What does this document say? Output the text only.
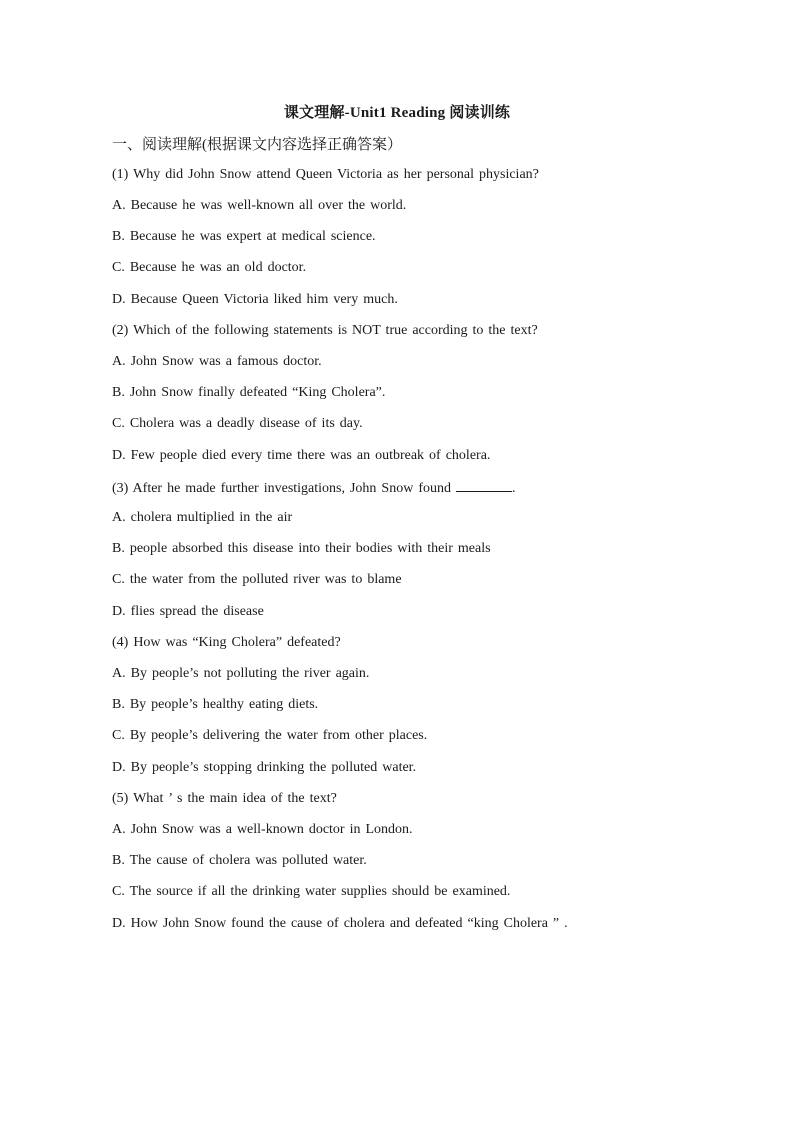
课文理解-Unit1 Reading 阅读训练
一、阅读理解(根据课文内容选择正确答案）
(1) Why did John Snow attend Queen Victoria as her personal physician?
A. Because he was well-known all over the world.
B. Because he was expert at medical science.
C. Because he was an old doctor.
D. Because Queen Victoria liked him very much.
(2) Which of the following statements is NOT true according to the text?
A. John Snow was a famous doctor.
B. John Snow finally defeated “King Cholera”.
C. Cholera was a deadly disease of its day.
D. Few people died every time there was an outbreak of cholera.
(3) After he made further investigations, John Snow found	.
A. cholera multiplied in the air
B. people absorbed this disease into their bodies with their meals
C. the water from the polluted river was to blame
D. flies spread the disease
(4) How was “King Cholera” defeated?
A. By people’s not polluting the river again.
B. By people’s healthy eating diets.
C. By people’s delivering the water from other places.
D. By people’s stopping drinking the polluted water.
(5) What ’ s the main idea of the text?
A. John Snow was a well-known doctor in London.
B. The cause of cholera was polluted water.
C. The source if all the drinking water supplies should be examined.
D. How John Snow found the cause of cholera and defeated “king Cholera ” .
